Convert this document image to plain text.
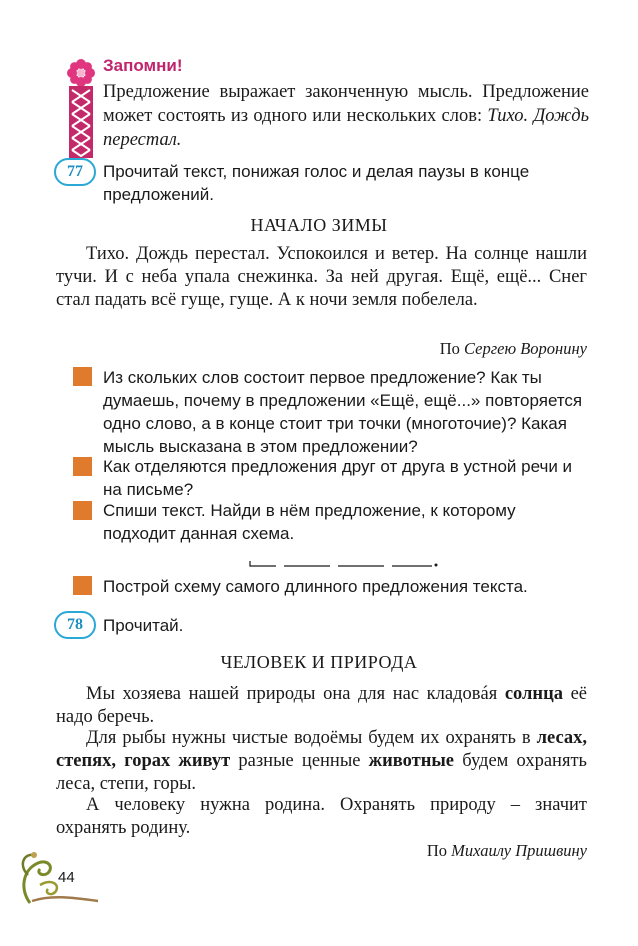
Запомни!
Предложение выражает законченную мысль. Предложение может состоять из одного или нескольких слов: Тихо. Дождь перестал.
77	Прочитай текст, понижая голос и делая паузы в конце предложений.
НАЧАЛО ЗИМЫ
Тихо. Дождь перестал. Успокоился и ветер. На солнце нашли тучи. И с неба упала снежинка. За ней другая. Ещё, ещё... Снег стал падать всё гуще, гуще. А к ночи земля побелела.
По Сергею Воронину
Из скольких слов состоит первое предложение? Как ты думаешь, почему в предложении «Ещё, ещё...» повторяется одно слово, а в конце стоит три точки (многоточие)? Какая мысль высказана в этом предложении?
Как отделяются предложения друг от друга в устной речи и на письме?
Спиши текст. Найди в нём предложение, к которому подходит данная схема.
Построй схему самого длинного предложения текста.
78	Прочитай.
ЧЕЛОВЕК И ПРИРОДА
Мы хозяева нашей природы она для нас кладовáя солнца её надо беречь.
Для рыбы нужны чистые водоёмы будем их охранять в лесах, степях, горах живут разные ценные животные будем охранять леса, степи, горы.
А человеку нужна родина. Охранять природу – значит охранять родину.
По Михаилу Пришвину
44
